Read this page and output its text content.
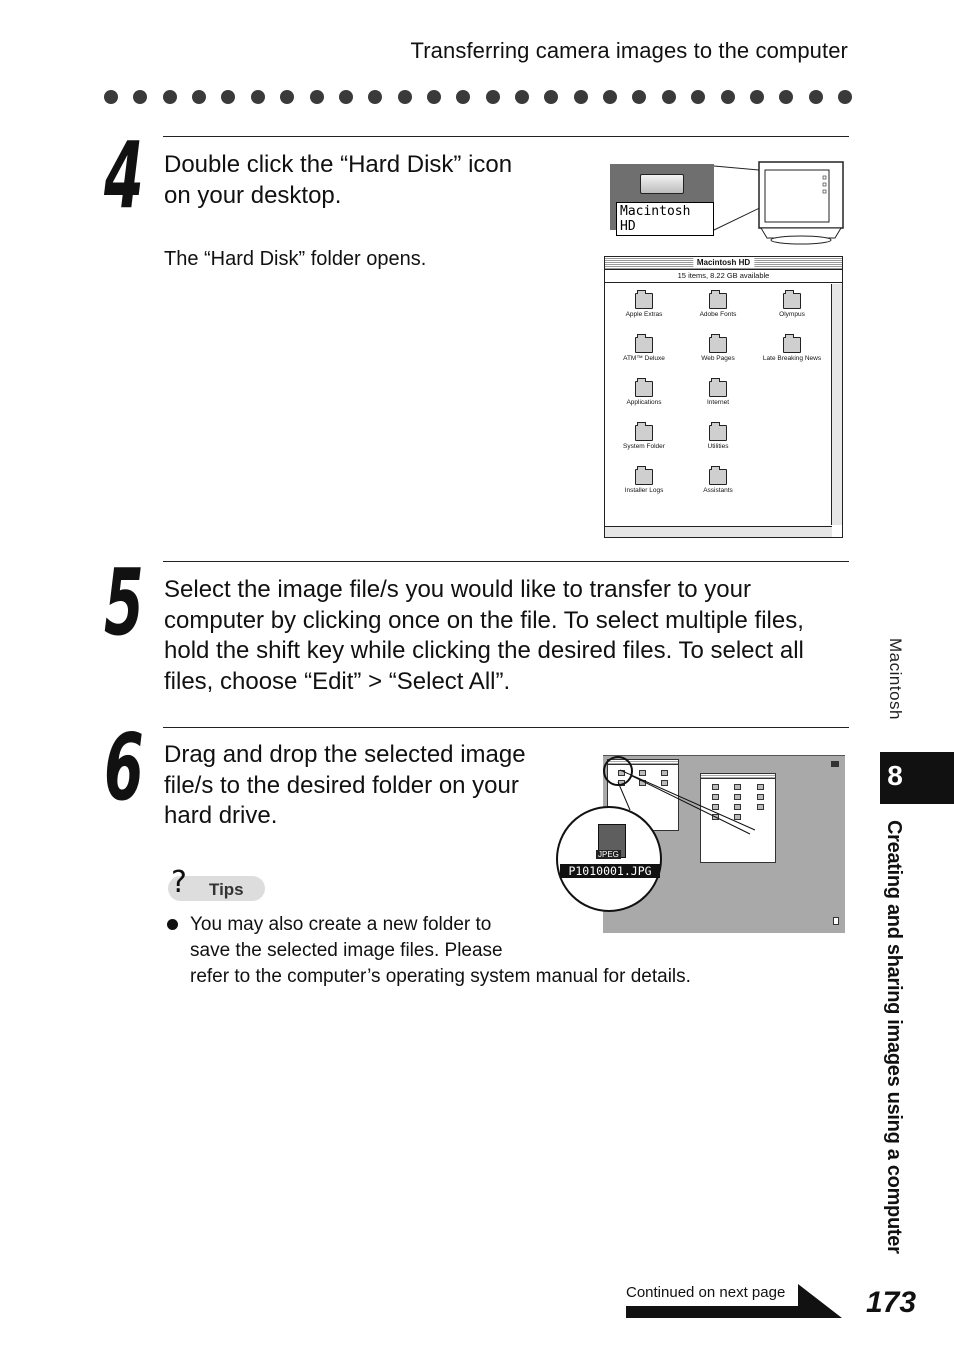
Transferring camera images to the computer
4 Double click the “Hard Disk” icon
on your desktop.
The “Hard Disk” folder opens.
Macintosh HD
Macintosh HD
15 items, 8.22 GB available
Apple Extras	Adobe Fonts	Olympus
ATM™ Deluxe	Web Pages	Late Breaking News
Applications	Internet
System Folder	Utilities
Installer Logs	Assistants
5 Select the image file/s you would like to transfer to your
computer by clicking once on the file. To select multiple files,
hold the shift key while clicking the desired files. To select all
files, choose “Edit” > “Select All”.
6 Drag and drop the selected image
file/s to the desired folder on your
hard drive.
JPEG
P1010001.JPG
? Tips
You may also create a new folder to
save the selected image files. Please
refer to the computer’s operating system manual for details.
Macintosh
8
Creating and sharing images using a computer
Continued on next page	173
